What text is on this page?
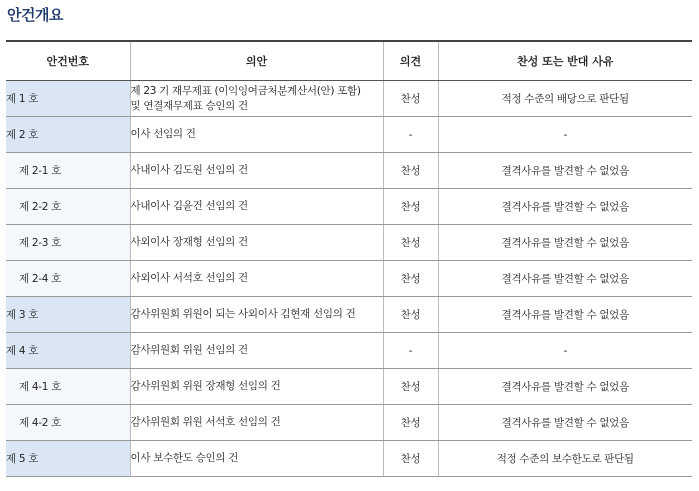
안건개요
안건번호	의안	의견	찬성 또는 반대 사유
제 1 호	제 23 기 재무제표 (이익잉여금처분계산서(안) 포함)
및 연결재무제표 승인의 건	찬성	적정 수준의 배당으로 판단됨
제 2 호	이사 선임의 건	-	-
제 2-1 호	사내이사 김도원 선임의 건	찬성	결격사유를 발견할 수 없었음
제 2-2 호	사내이사 김윤건 선임의 건	찬성	결격사유를 발견할 수 없었음
제 2-3 호	사외이사 장재형 선임의 건	찬성	결격사유를 발견할 수 없었음
제 2-4 호	사외이사 서석호 선임의 건	찬성	결격사유를 발견할 수 없었음
제 3 호	감사위원회 위원이 되는 사외이사 김현재 선임의 건	찬성	결격사유를 발견할 수 없었음
제 4 호	감사위원회 위원 선임의 건	-	-
제 4-1 호	감사위원회 위원 장재형 선임의 건	찬성	결격사유를 발견할 수 없었음
제 4-2 호	감사위원회 위원 서석호 선임의 건	찬성	결격사유를 발견할 수 없었음
제 5 호	이사 보수한도 승인의 건	찬성	적정 수준의 보수한도로 판단됨
